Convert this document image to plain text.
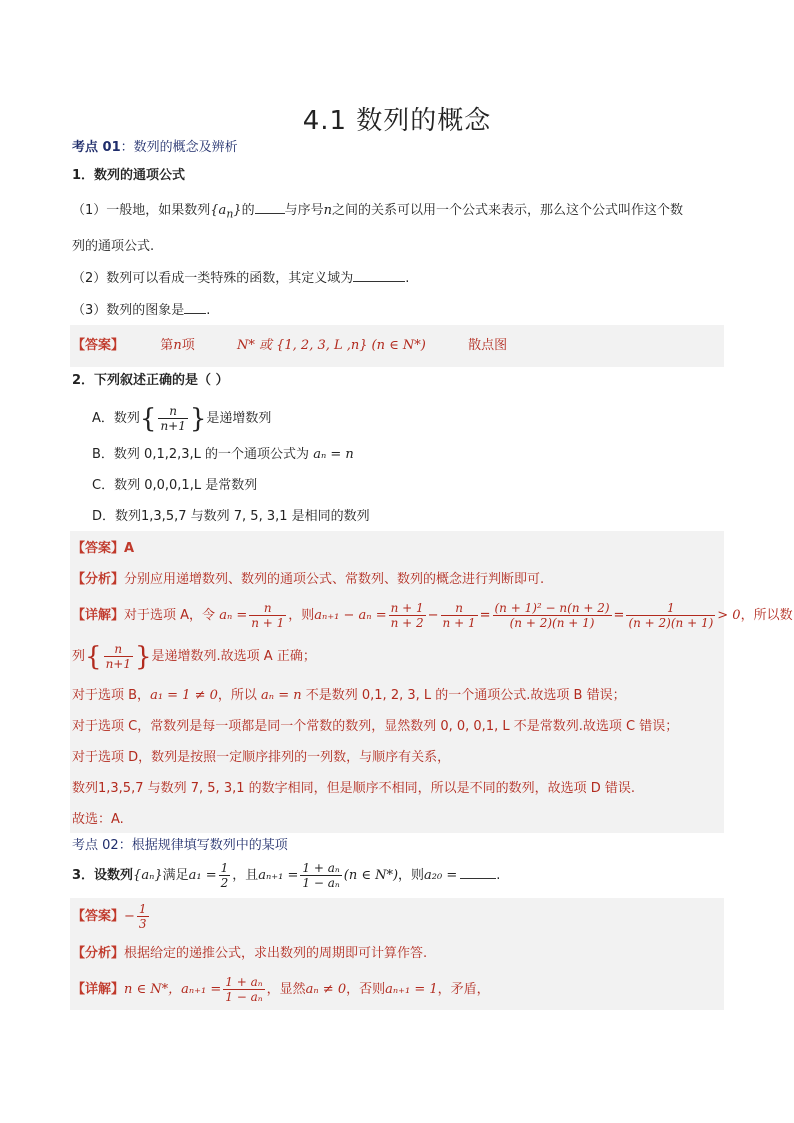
4.1 数列的概念
考点 01：数列的概念及辨析
1．数列的通项公式
（1）一般地，如果数列$\{a_n\}$的 与序号n之间的关系可以用一个公式来表示，那么这个公式叫作这个数
列的通项公式.
（2）数列可以看成一类特殊的函数，其定义域为	.
（3）数列的图象是 .
【答案】	第n项	N* 或 {1, 2, 3, L ,n} (n ∈ N*)	散点图
2．下列叙述正确的是（ ）
A．数列{ $\frac{n}{n+1}$ }是递增数列
B．数列 0,1,2,3,L 的一个通项公式为 aₙ = n
C．数列 0,0,0,1,L 是常数列
D．数列1,3,5,7 与数列 7, 5, 3,1 是相同的数列
【答案】A
【分析】分别应用递增数列、数列的通项公式、常数列、数列的概念进行判断即可.
【详解】对于选项 A，令 $a_n = \frac{n}{n + 1}$ ，则$a_{n+1} - a_n = \frac{n + 1}{n + 2} - \frac{n}{n + 1} = \frac{\text{(n + 1)² − n(n + 2)}}{(n + 2)(n + 1)} = \frac{1}{(n + 2)(n + 1)} > 0$，所以数
列{ $\frac{n}{n+1}$ }是递增数列.故选项 A 正确；
对于选项 B，a₁ = 1 ≠ 0，所以 aₙ = n 不是数列 0,1, 2, 3, L 的一个通项公式.故选项 B 错误；
对于选项 C，常数列是每一项都是同一个常数的数列，显然数列 0, 0, 0,1, L 不是常数列.故选项 C 错误；
对于选项 D，数列是按照一定顺序排列的一列数，与顺序有关系，
数列1,3,5,7 与数列 7, 5, 3,1 的数字相同，但是顺序不相同，所以是不同的数列，故选项 D 错误.
故选：A.
考点 02：根据规律填写数列中的某项
3．设数列{aₙ}满足$a_1 = \frac{1}{2}$ ，且$a_{n+1} = \frac{\text{1 + aₙ}}{\text{1 − aₙ}} (n$ ∈ N*)，则a₂₀ =	.
【答案】− $\frac{1}{3}$
【分析】根据给定的递推公式，求出数列的周期即可计算作答.
【详解】n ∈ N*，$a_{n+1} = \frac{\text{1 + aₙ}}{\text{1 − aₙ}}$ ，显然aₙ ≠ 0，否则aₙ₊₁ = 1，矛盾，
